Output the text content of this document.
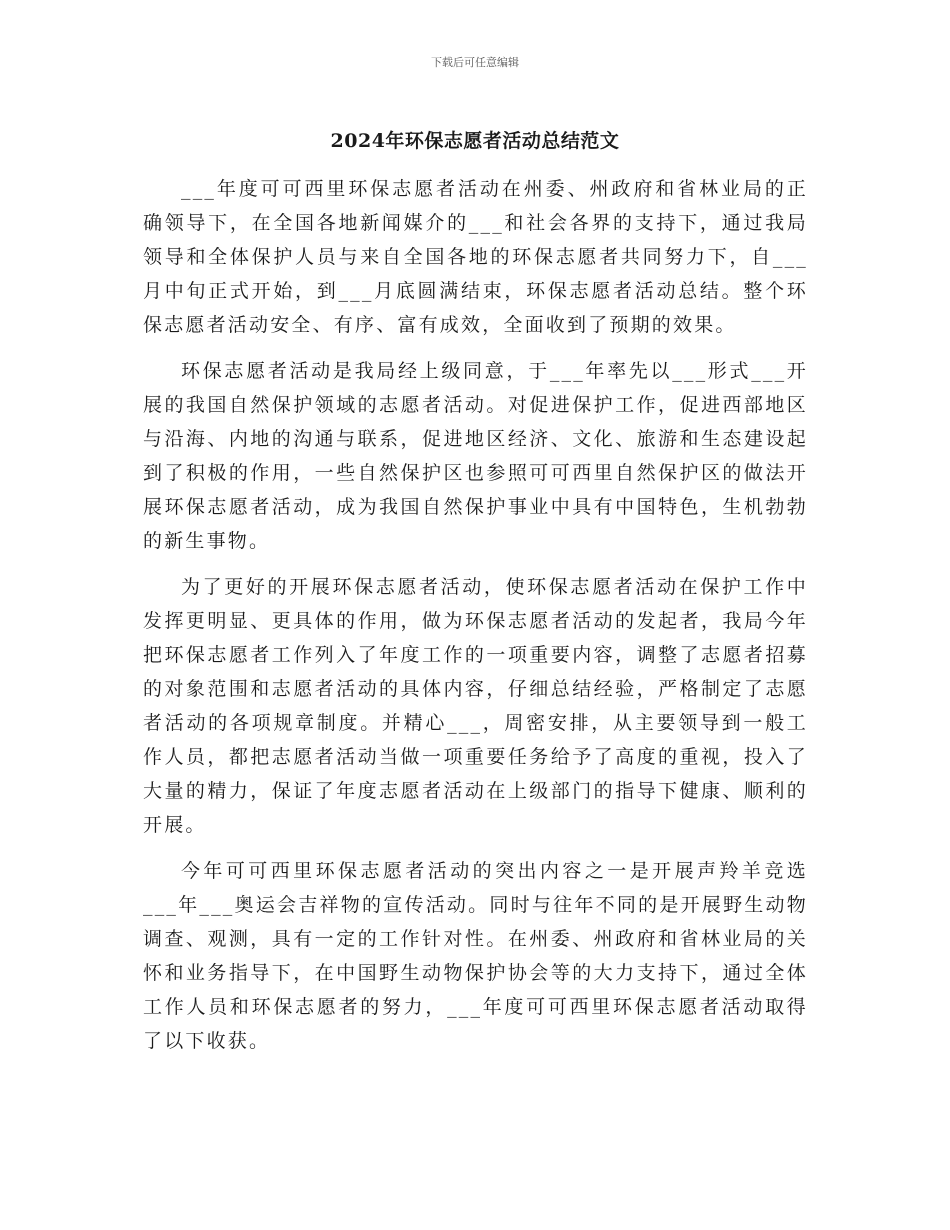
下载后可任意编辑
2024年环保志愿者活动总结范文

___年度可可西里环保志愿者活动在州委、州政府和省林业局的正确领导下，在全国各地新闻媒介的___和社会各界的支持下，通过我局领导和全体保护人员与来自全国各地的环保志愿者共同努力下，自___月中旬正式开始，到___月底圆满结束，环保志愿者活动总结。整个环保志愿者活动安全、有序、富有成效，全面收到了预期的效果。

环保志愿者活动是我局经上级同意，于___年率先以___形式___开展的我国自然保护领域的志愿者活动。对促进保护工作，促进西部地区与沿海、内地的沟通与联系，促进地区经济、文化、旅游和生态建设起到了积极的作用，一些自然保护区也参照可可西里自然保护区的做法开展环保志愿者活动，成为我国自然保护事业中具有中国特色，生机勃勃的新生事物。

为了更好的开展环保志愿者活动，使环保志愿者活动在保护工作中发挥更明显、更具体的作用，做为环保志愿者活动的发起者，我局今年把环保志愿者工作列入了年度工作的一项重要内容，调整了志愿者招募的对象范围和志愿者活动的具体内容，仔细总结经验，严格制定了志愿者活动的各项规章制度。并精心___，周密安排，从主要领导到一般工作人员，都把志愿者活动当做一项重要任务给予了高度的重视，投入了大量的精力，保证了年度志愿者活动在上级部门的指导下健康、顺利的开展。

今年可可西里环保志愿者活动的突出内容之一是开展声羚羊竞选___年___奥运会吉祥物的宣传活动。同时与往年不同的是开展野生动物调查、观测，具有一定的工作针对性。在州委、州政府和省林业局的关怀和业务指导下，在中国野生动物保护协会等的大力支持下，通过全体工作人员和环保志愿者的努力，___年度可可西里环保志愿者活动取得了以下收获。
